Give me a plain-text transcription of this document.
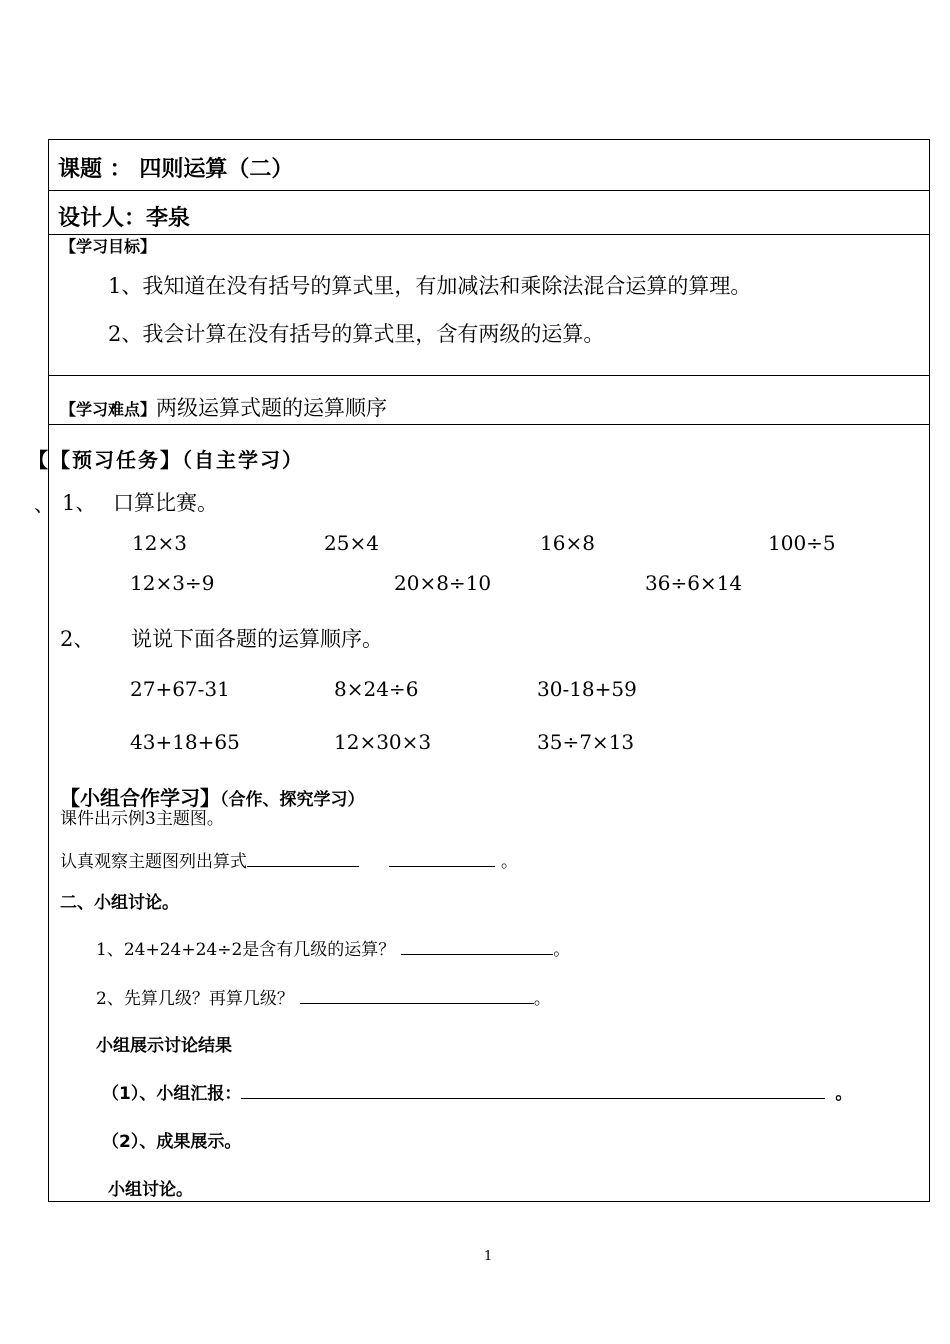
课题 ： 四则运算（二）
设计人：李泉
【学习目标】
1、我知道在没有括号的算式里，有加减法和乘除法混合运算的算理。
2、我会计算在没有括号的算式里，含有两级的运算。
【学习难点】两级运算式题的运算顺序
【
、
【预习任务】（自主学习）
1、 口算比赛。
12×3	25×4	16×8	100÷5
12×3÷9	20×8÷10	36÷6×14
2、 说说下面各题的运算顺序。
27+67-31	8×24÷6	30-18+59
43+18+65	12×30×3	35÷7×13
【小组合作学习】（合作、探究学习）
课件出示例3主题图。
认真观察主题图列出算式	。
二、小组讨论。
1、24+24+24÷2是含有几级的运算？	。
2、先算几级？再算几级？	。
小组展示讨论结果
（1）、小组汇报：	。
（2）、成果展示。
小组讨论。
1
